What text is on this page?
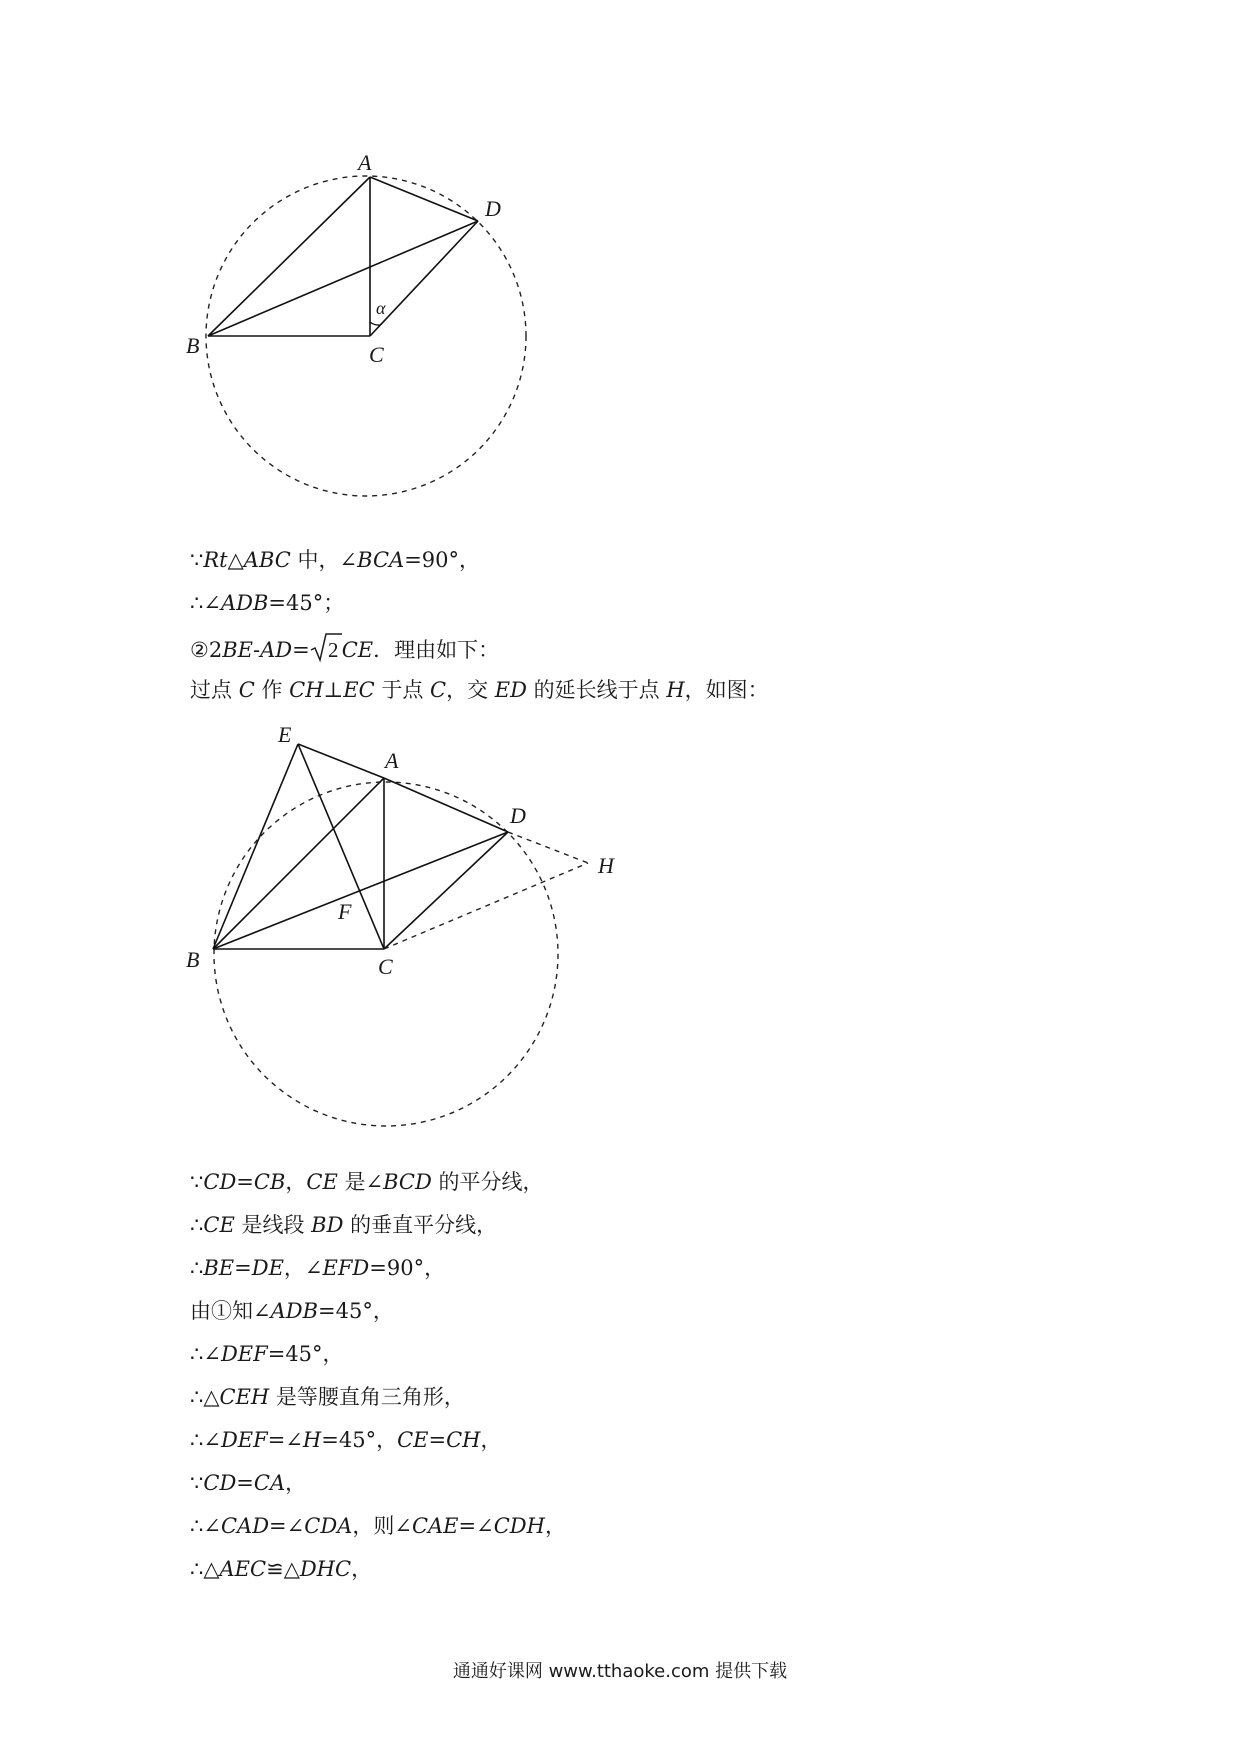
A
D
B	C
α
∵Rt△ABC 中，∠BCA=90°，
∴∠ADB=45°；
②2BE-AD= 2 CE．理由如下：
过点 C 作 CH⊥EC 于点 C，交 ED 的延长线于点 H，如图：
E
A
D
H
F
B	C
∵CD=CB，CE 是∠BCD 的平分线，
∴CE 是线段 BD 的垂直平分线，
∴BE=DE，∠EFD=90°，
由①知∠ADB=45°，
∴∠DEF=45°，
∴△CEH 是等腰直角三角形，
∴∠DEF=∠H=45°，CE=CH，
∵CD=CA，
∴∠CAD=∠CDA，则∠CAE=∠CDH，
∴△AEC≌△DHC，
通通好课网 www.tthaoke.com 提供下载
